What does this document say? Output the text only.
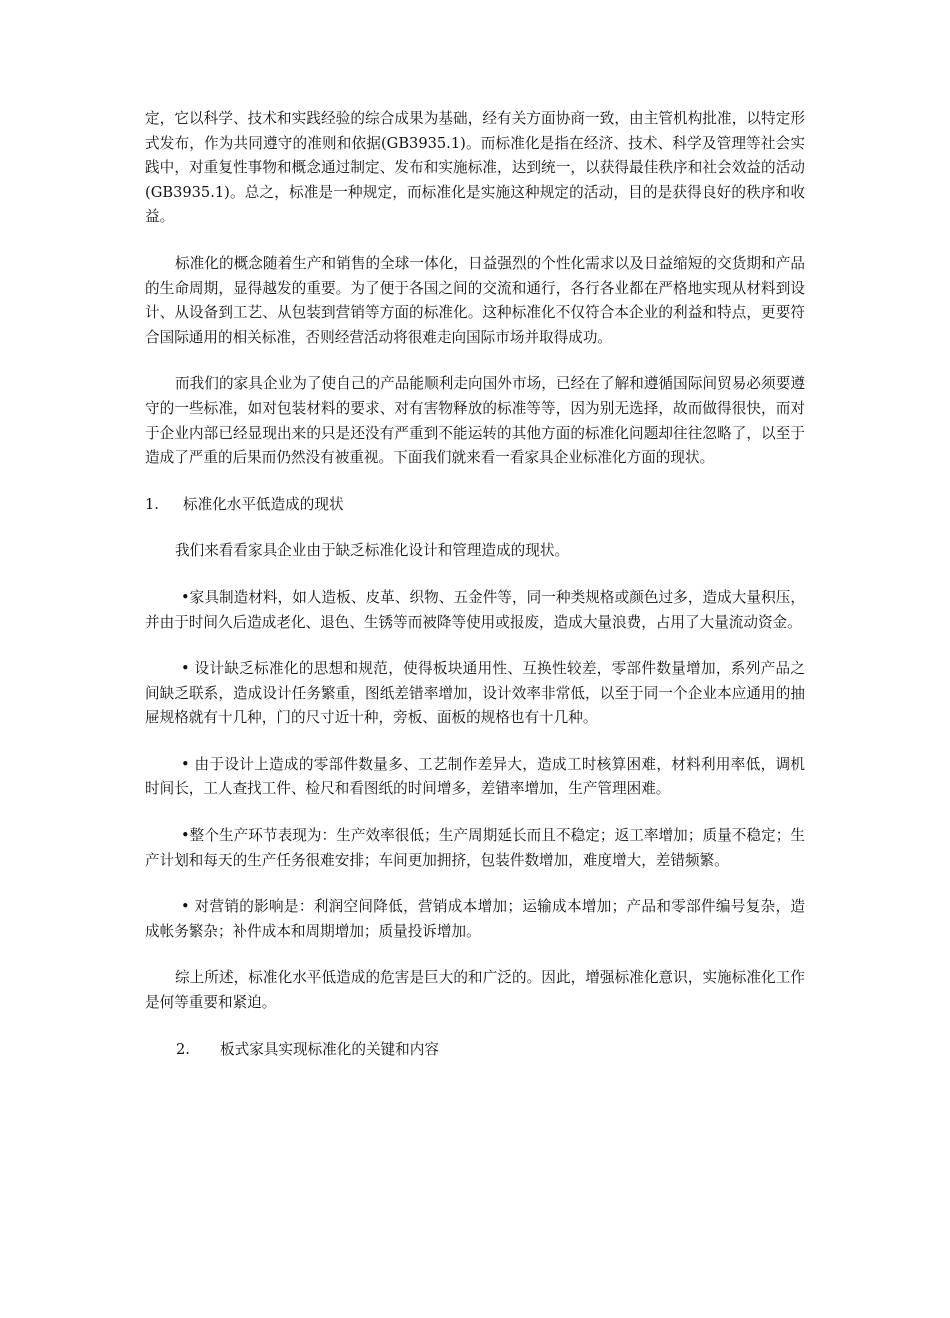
定，它以科学、技术和实践经验的综合成果为基础，经有关方面协商一致，由主管机构批准，以特定形式发布，作为共同遵守的准则和依据(GB3935.1)。而标准化是指在经济、技术、科学及管理等社会实践中，对重复性事物和概念通过制定、发布和实施标准，达到统一，以获得最佳秩序和社会效益的活动(GB3935.1)。总之，标准是一种规定，而标准化是实施这种规定的活动，目的是获得良好的秩序和收益。

标准化的概念随着生产和销售的全球一体化，日益强烈的个性化需求以及日益缩短的交货期和产品的生命周期，显得越发的重要。为了便于各国之间的交流和通行，各行各业都在严格地实现从材料到设计、从设备到工艺、从包装到营销等方面的标准化。这种标准化不仅符合本企业的利益和特点，更要符合国际通用的相关标准，否则经营活动将很难走向国际市场并取得成功。

而我们的家具企业为了使自己的产品能顺利走向国外市场，已经在了解和遵循国际间贸易必须要遵守的一些标准，如对包装材料的要求、对有害物释放的标准等等，因为别无选择，故而做得很快，而对于企业内部已经显现出来的只是还没有严重到不能运转的其他方面的标准化问题却往往忽略了，以至于造成了严重的后果而仍然没有被重视。下面我们就来看一看家具企业标准化方面的现状。

1. 标准化水平低造成的现状

我们来看看家具企业由于缺乏标准化设计和管理造成的现状。

•家具制造材料，如人造板、皮革、织物、五金件等，同一种类规格或颜色过多，造成大量积压，并由于时间久后造成老化、退色、生锈等而被降等使用或报废，造成大量浪费，占用了大量流动资金。

• 设计缺乏标准化的思想和规范，使得板块通用性、互换性较差，零部件数量增加，系列产品之间缺乏联系，造成设计任务繁重，图纸差错率增加，设计效率非常低，以至于同一个企业本应通用的抽屉规格就有十几种，门的尺寸近十种，旁板、面板的规格也有十几种。

• 由于设计上造成的零部件数量多、工艺制作差异大，造成工时核算困难，材料利用率低，调机时间长，工人查找工件、检尺和看图纸的时间增多，差错率增加，生产管理困难。

•整个生产环节表现为：生产效率很低；生产周期延长而且不稳定；返工率增加；质量不稳定；生产计划和每天的生产任务很难安排；车间更加拥挤，包装件数增加，难度增大，差错频繁。

• 对营销的影响是：利润空间降低，营销成本增加；运输成本增加；产品和零部件编号复杂，造成帐务繁杂；补件成本和周期增加；质量投诉增加。

综上所述，标准化水平低造成的危害是巨大的和广泛的。因此，增强标准化意识，实施标准化工作是何等重要和紧迫。

2. 板式家具实现标准化的关键和内容
